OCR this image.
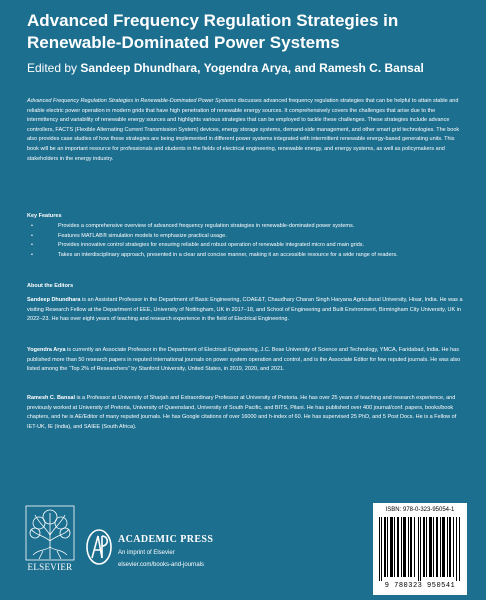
Advanced Frequency Regulation Strategies in
Renewable-Dominated Power Systems
Edited by Sandeep Dhundhara, Yogendra Arya, and Ramesh C. Bansal

Advanced Frequency Regulation Strategies in Renewable-Dominated Power Systems discusses advanced frequency regulation strategies that can be helpful to attain stable and reliable electric power operation in modern grids that have high penetration of renewable energy sources. It comprehensively covers the challenges that arise due to the intermittency and variability of renewable energy sources and highlights various strategies that can be employed to tackle these challenges. These strategies include advance controllers, FACTS (Flexible Alternating Current Transmission System) devices, energy storage systems, demand-side management, and other smart grid technologies. The book also provides case studies of how these strategies are being implemented in different power systems integrated with intermittent renewable energy-based generating units. This book will be an important resource for professionals and students in the fields of electrical engineering, renewable energy, and energy systems, as well as policymakers and stakeholders in the energy industry.

Key Features
•	Provides a comprehensive overview of advanced frequency regulation strategies in renewable-dominated power systems.
•	Features MATLAB® simulation models to emphasize practical usage.
•	Provides innovative control strategies for ensuring reliable and robust operation of renewable integrated micro and main grids.
•	Takes an interdisciplinary approach, presented in a clear and concise manner, making it an accessible resource for a wide range of readers.
About the Editors

Sandeep Dhundhara is an Assistant Professor in the Department of Basic Engineering, COAE&T, Chaudhary Charan Singh Haryana Agricultural University, Hisar, India. He was a visiting Research Fellow at the Department of EEE, University of Nottingham, UK in 2017–18, and School of Engineering and Built Environment, Birmingham City University, UK in 2022–23. He has over eight years of teaching and research experience in the field of Electrical Engineering.

Yogendra Arya is currently an Associate Professor in the Department of Electrical Engineering, J.C. Bose University of Science and Technology, YMCA, Faridabad, India. He has published more than 50 research papers in reputed international journals on power system operation and control, and is the Associate Editor for few reputed journals. He was also listed among the “Top 2% of Researchers” by Stanford University, United States, in 2019, 2020, and 2021.

Ramesh C. Bansal is a Professor at University of Sharjah and Extraordinary Professor at University of Pretoria. He has over 25 years of teaching and research experience, and previously worked at University of Pretoria, University of Queensland, University of South Pacific, and BITS, Pilani. He has published over 400 journal/conf. papers, books/book chapters, and he is AE/Editor of many reputed journals. He has Google citations of over 16000 and h-index of 60. He has supervised 25 PhD, and 5 Post Docs. He is a Fellow of IET-UK, IE (India), and SAIEE (South Africa).

ELSEVIER
ACADEMIC PRESS
An imprint of Elsevier
elsevier.com/books-and-journals
ISBN: 978-0-323-95054-1
9 780323 950541
